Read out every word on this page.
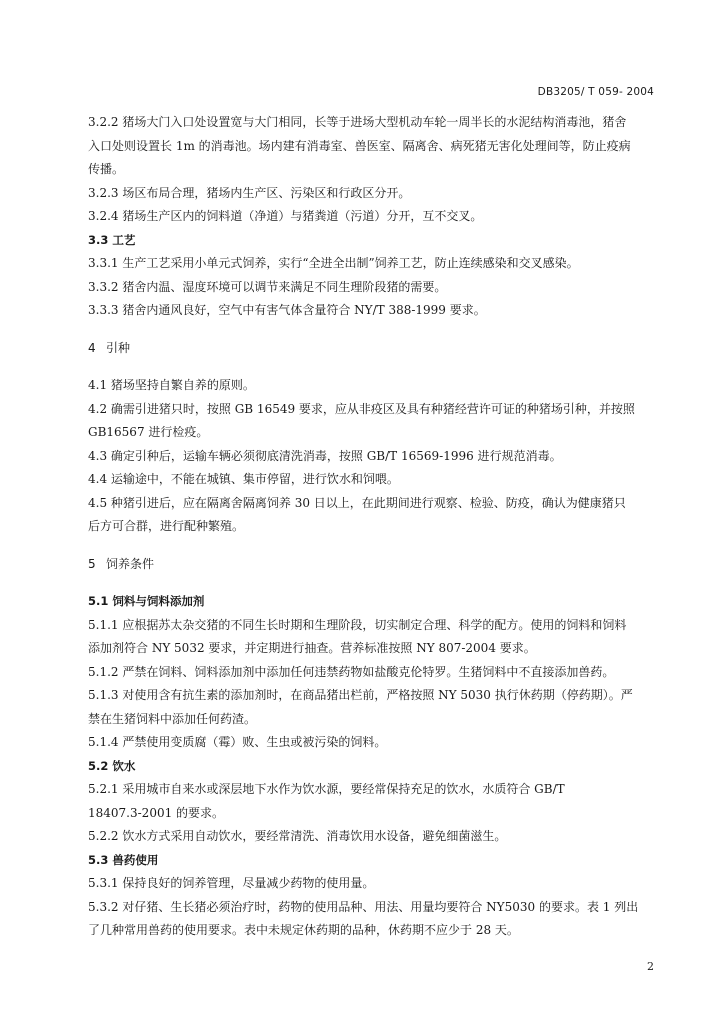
DB3205/ T 059- 2004
3.2.2 猪场大门入口处设置宽与大门相同，长等于进场大型机动车轮一周半长的水泥结构消毒池，猪舍
入口处则设置长 1m 的消毒池。场内建有消毒室、兽医室、隔离舍、病死猪无害化处理间等，防止疫病
传播。
3.2.3 场区布局合理，猪场内生产区、污染区和行政区分开。
3.2.4 猪场生产区内的饲料道（净道）与猪粪道（污道）分开，互不交叉。
3.3 工艺
3.3.1 生产工艺采用小单元式饲养，实行“全进全出制”饲养工艺，防止连续感染和交叉感染。
3.3.2 猪舍内温、湿度环境可以调节来满足不同生理阶段猪的需要。
3.3.3 猪舍内通风良好，空气中有害气体含量符合 NY/T 388-1999 要求。
4 引种
4.1 猪场坚持自繁自养的原则。
4.2 确需引进猪只时，按照 GB 16549 要求，应从非疫区及具有种猪经营许可证的种猪场引种，并按照
GB16567 进行检疫。
4.3 确定引种后，运输车辆必须彻底清洗消毒，按照 GB/T 16569-1996 进行规范消毒。
4.4 运输途中，不能在城镇、集市停留，进行饮水和饲喂。
4.5 种猪引进后，应在隔离舍隔离饲养 30 日以上，在此期间进行观察、检验、防疫，确认为健康猪只
后方可合群，进行配种繁殖。
5 饲养条件
5.1 饲料与饲料添加剂
5.1.1 应根据苏太杂交猪的不同生长时期和生理阶段，切实制定合理、科学的配方。使用的饲料和饲料
添加剂符合 NY 5032 要求，并定期进行抽查。营养标准按照 NY 807-2004 要求。
5.1.2 严禁在饲料、饲料添加剂中添加任何违禁药物如盐酸克伦特罗。生猪饲料中不直接添加兽药。
5.1.3 对使用含有抗生素的添加剂时，在商品猪出栏前，严格按照 NY 5030 执行休药期（停药期）。严
禁在生猪饲料中添加任何药渣。
5.1.4 严禁使用变质腐（霉）败、生虫或被污染的饲料。
5.2 饮水
5.2.1 采用城市自来水或深层地下水作为饮水源，要经常保持充足的饮水，水质符合 GB/T
18407.3-2001 的要求。
5.2.2 饮水方式采用自动饮水，要经常清洗、消毒饮用水设备，避免细菌滋生。
5.3 兽药使用
5.3.1 保持良好的饲养管理，尽量减少药物的使用量。
5.3.2 对仔猪、生长猪必须治疗时，药物的使用品种、用法、用量均要符合 NY5030 的要求。表 1 列出
了几种常用兽药的使用要求。表中未规定休药期的品种，休药期不应少于 28 天。
2
